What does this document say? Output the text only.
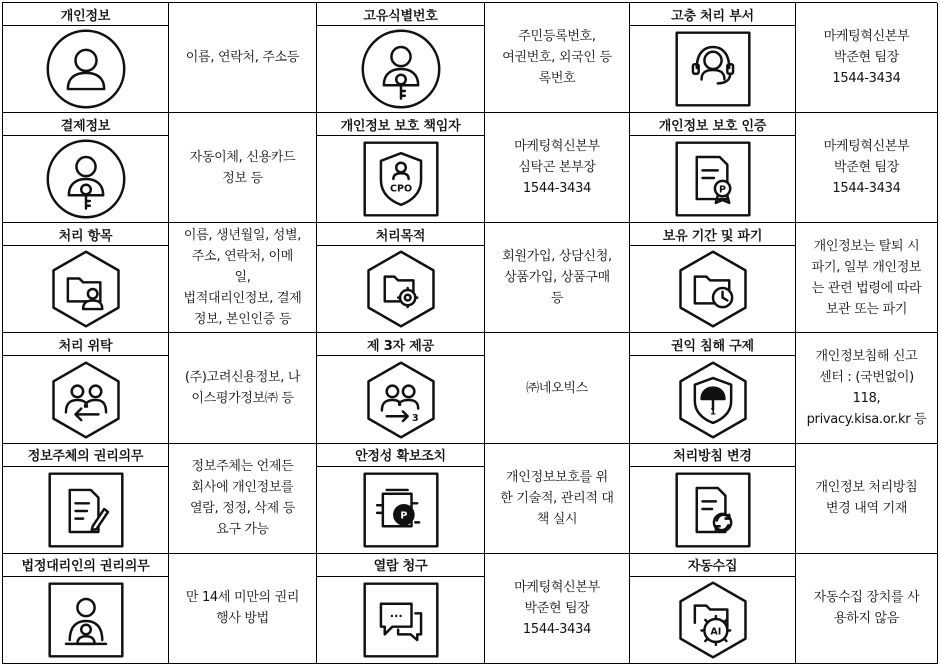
개인정보
이름, 연락처, 주소등
고유식별번호
주민등록번호,
여권번호, 외국인 등
록번호
고충 처리 부서
마케팅혁신본부
박준현 팀장
1544-3434
결제정보
자동이체, 신용카드
정보 등
개인정보 보호 책임자
CPO
마케팅혁신본부
심탁곤 본부장
1544-3434
개인정보 보호 인증
P
마케팅혁신본부
박준현 팀장
1544-3434
처리 항목	이름, 생년월일, 성별,
주소, 연락처, 이메
일,
법적대리인정보, 결제
정보, 본인인증 등
처리목적
회원가입, 상담신청,
상품가입, 상품구매
등
보유 기간 및 파기
개인정보는 탈퇴 시
파기, 일부 개인정보
는 관련 법령에 따라
보관 또는 파기
처리 위탁
(주)고려신용정보, 나
이스평가정보㈜ 등
제 3자 제공
3
㈜네오빅스
권익 침해 구제
1
개인정보침해 신고
센터 : (국번없이)
118,
privacy.kisa.or.kr 등
정보주체의 권리의무
정보주체는 언제든
회사에 개인정보를
열람, 정정, 삭제 등
요구 가능
안정성 확보조치
P
개인정보보호를 위
한 기술적, 관리적 대
책 실시
처리방침 변경
개인정보 처리방침
변경 내역 기재
법정대리인의 권리의무
만 14세 미만의 권리
행사 방법
열람 청구
...
마케팅혁신본부
박준현 팀장
1544-3434
자동수집
AI
자동수집 장치를 사
용하지 않음
